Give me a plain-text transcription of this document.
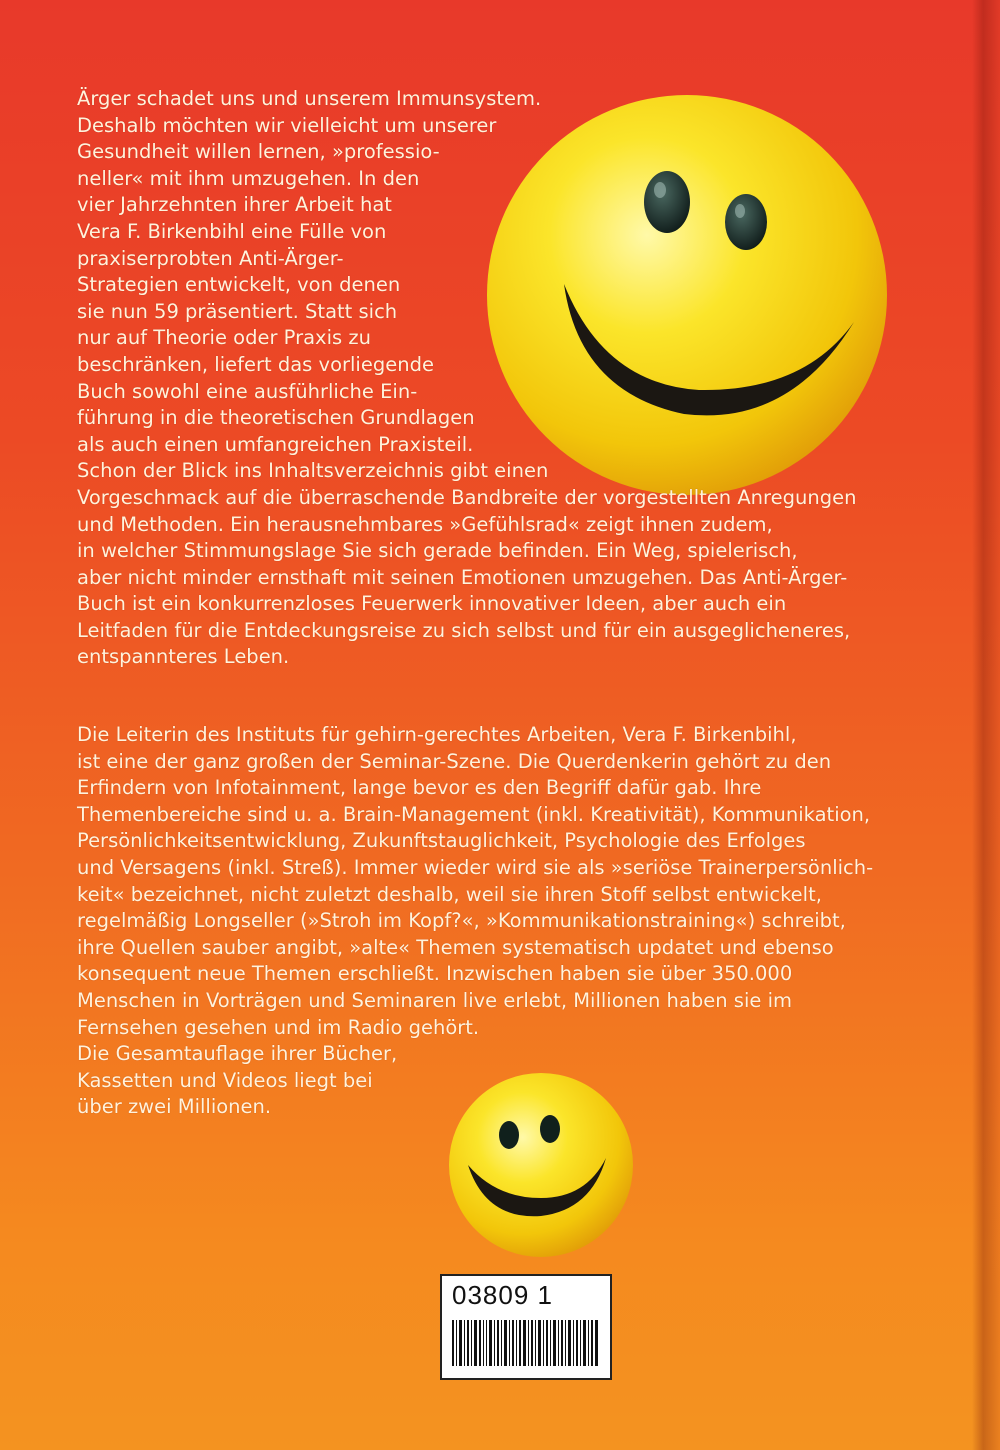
Ärger schadet uns und unserem Immunsystem.
Deshalb möchten wir vielleicht um unserer
Gesundheit willen lernen, »professio-
neller« mit ihm umzugehen. In den
vier Jahrzehnten ihrer Arbeit hat
Vera F. Birkenbihl eine Fülle von
praxiserprobten Anti-Ärger-
Strategien entwickelt, von denen
sie nun 59 präsentiert. Statt sich
nur auf Theorie oder Praxis zu
beschränken, liefert das vorliegende
Buch sowohl eine ausführliche Ein-
führung in die theoretischen Grundlagen
als auch einen umfangreichen Praxisteil.
Schon der Blick ins Inhaltsverzeichnis gibt einen
Vorgeschmack auf die überraschende Bandbreite der vorgestellten Anregungen
und Methoden. Ein herausnehmbares »Gefühlsrad« zeigt ihnen zudem,
in welcher Stimmungslage Sie sich gerade befinden. Ein Weg, spielerisch,
aber nicht minder ernsthaft mit seinen Emotionen umzugehen. Das Anti-Ärger-
Buch ist ein konkurrenzloses Feuerwerk innovativer Ideen, aber auch ein
Leitfaden für die Entdeckungsreise zu sich selbst und für ein ausgeglicheneres,
entspannteres Leben.
Die Leiterin des Instituts für gehirn-gerechtes Arbeiten, Vera F. Birkenbihl,
ist eine der ganz großen der Seminar-Szene. Die Querdenkerin gehört zu den
Erfindern von Infotainment, lange bevor es den Begriff dafür gab. Ihre
Themenbereiche sind u. a. Brain-Management (inkl. Kreativität), Kommunikation,
Persönlichkeitsentwicklung, Zukunftstauglichkeit, Psychologie des Erfolges
und Versagens (inkl. Streß). Immer wieder wird sie als »seriöse Trainerpersönlich-
keit« bezeichnet, nicht zuletzt deshalb, weil sie ihren Stoff selbst entwickelt,
regelmäßig Longseller (»Stroh im Kopf?«, »Kommunikationstraining«) schreibt,
ihre Quellen sauber angibt, »alte« Themen systematisch updatet und ebenso
konsequent neue Themen erschließt. Inzwischen haben sie über 350.000
Menschen in Vorträgen und Seminaren live erlebt, Millionen haben sie im
Fernsehen gesehen und im Radio gehört.
Die Gesamtauflage ihrer Bücher,
Kassetten und Videos liegt bei
über zwei Millionen.
03809 1
